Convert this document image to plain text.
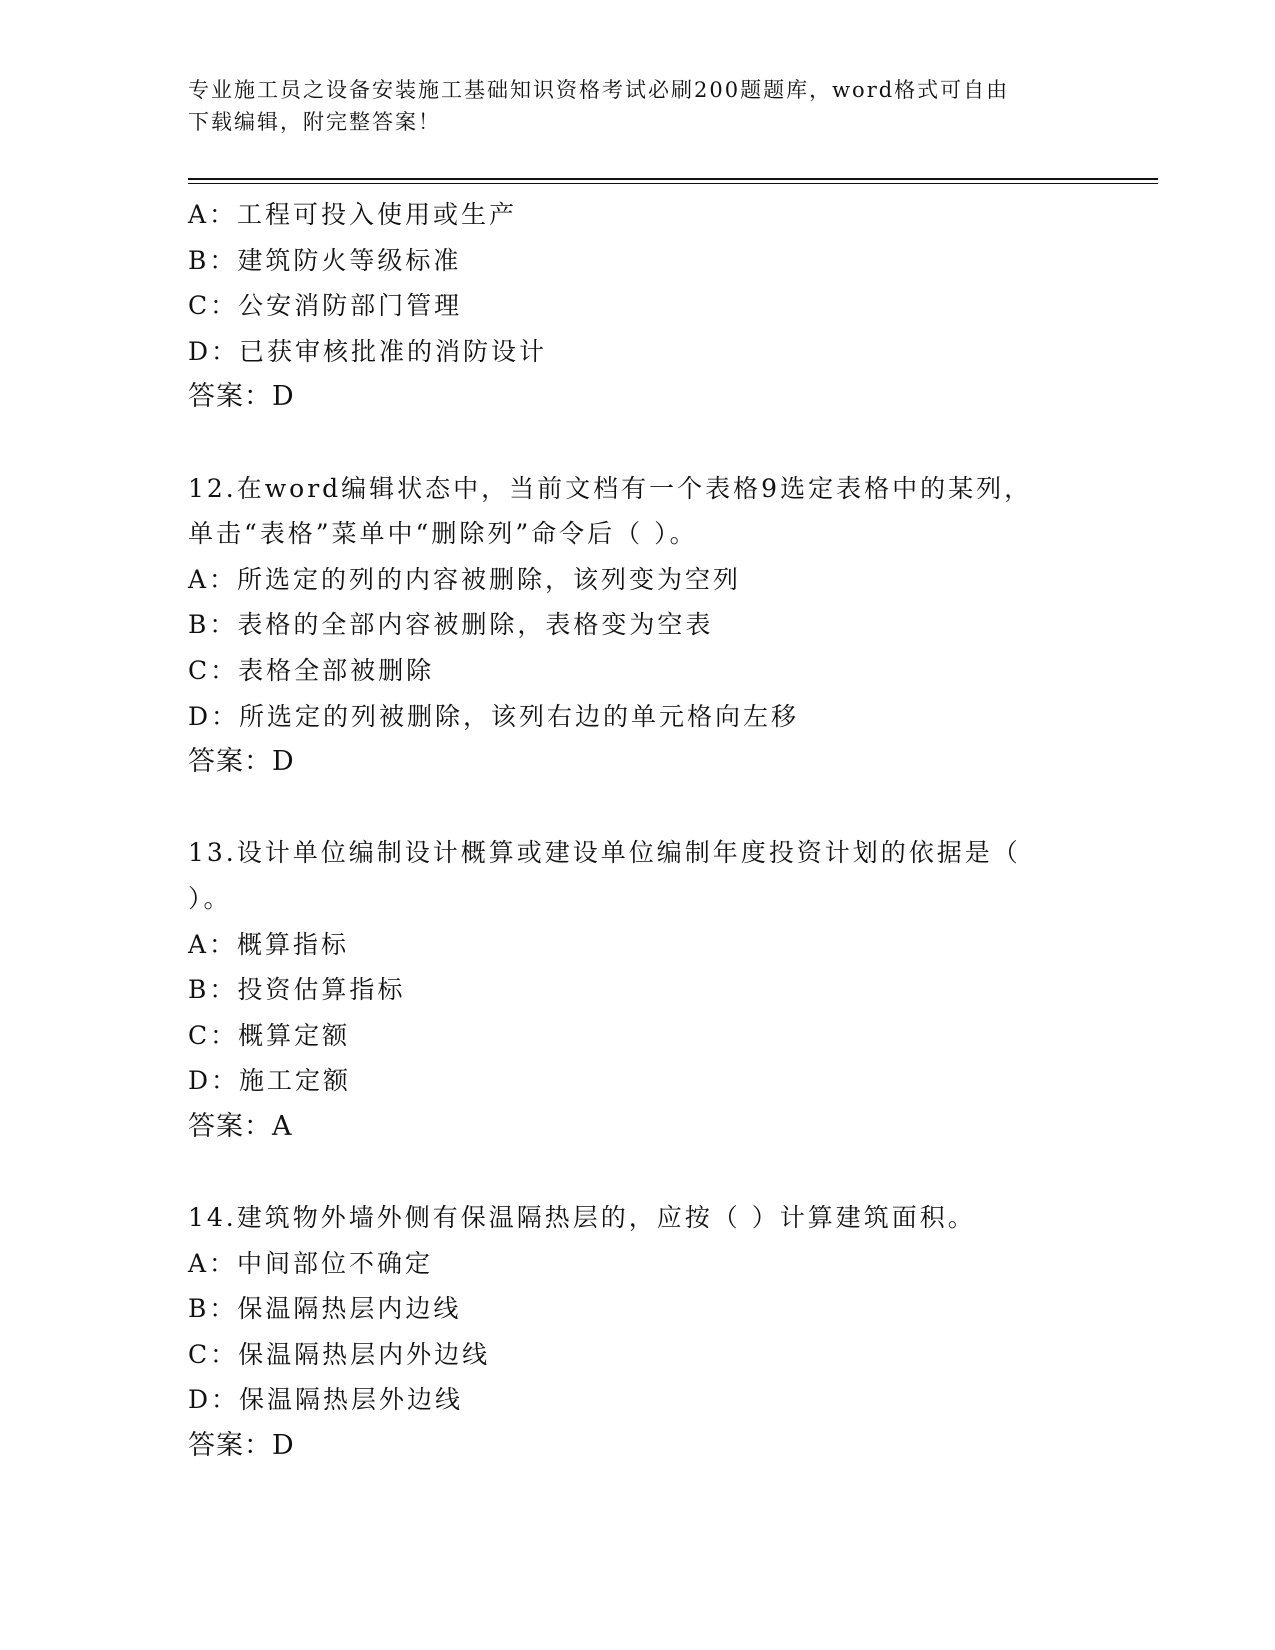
专业施工员之设备安装施工基础知识资格考试必刷200题题库，word格式可自由
下载编辑，附完整答案！
A：工程可投入使用或生产
B：建筑防火等级标准
C：公安消防部门管理
D：已获审核批准的消防设计
答案：D
12.在word编辑状态中，当前文档有一个表格9选定表格中的某列，
单击“表格”菜单中“删除列”命令后（ ）。
A：所选定的列的内容被删除，该列变为空列
B：表格的全部内容被删除，表格变为空表
C：表格全部被删除
D：所选定的列被删除，该列右边的单元格向左移
答案：D
13.设计单位编制设计概算或建设单位编制年度投资计划的依据是（
）。
A：概算指标
B：投资估算指标
C：概算定额
D：施工定额
答案：A
14.建筑物外墙外侧有保温隔热层的，应按（ ）计算建筑面积。
A：中间部位不确定
B：保温隔热层内边线
C：保温隔热层内外边线
D：保温隔热层外边线
答案：D
